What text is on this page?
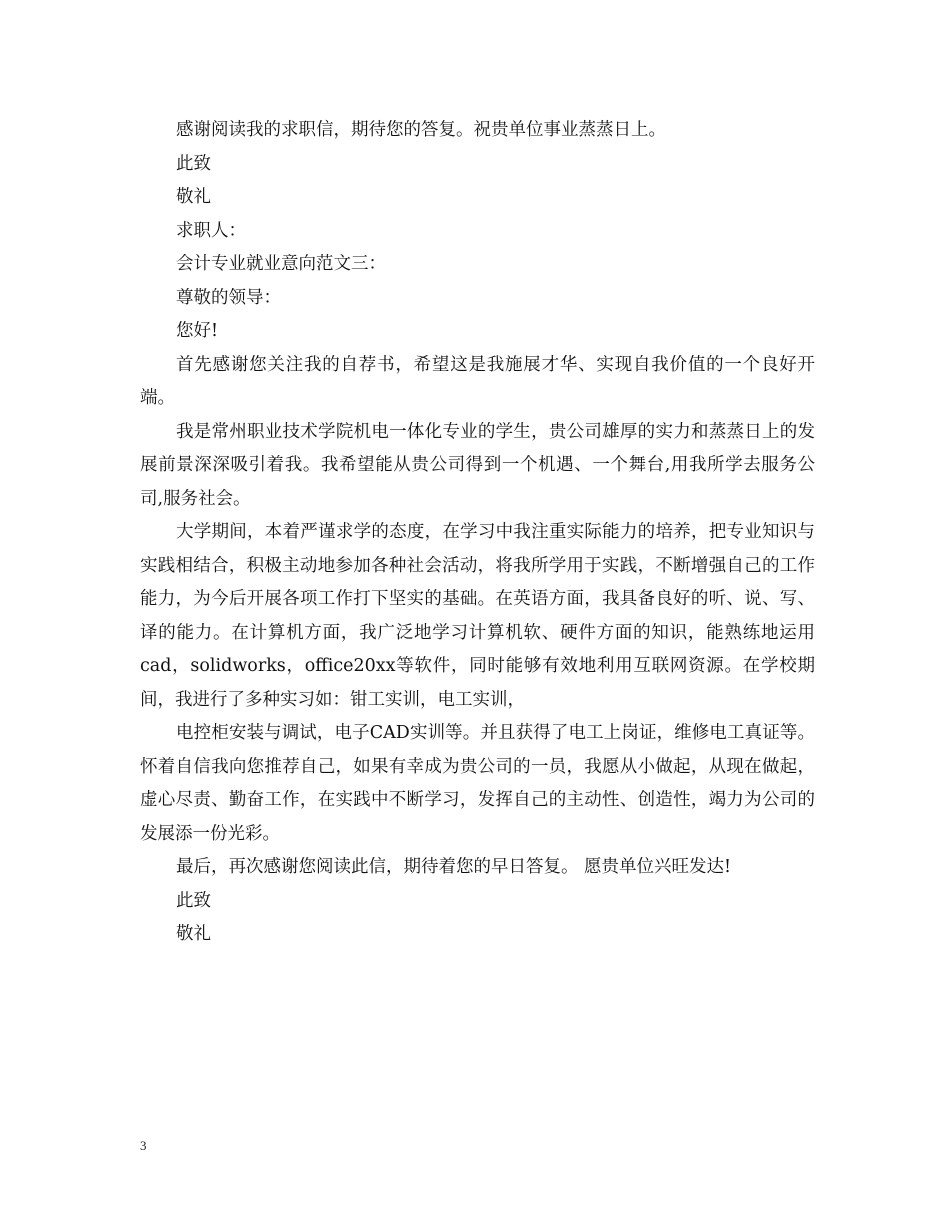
感谢阅读我的求职信，期待您的答复。祝贵单位事业蒸蒸日上。
此致
敬礼
求职人：
会计专业就业意向范文三：
尊敬的领导：
您好!
首先感谢您关注我的自荐书，希望这是我施展才华、实现自我价值的一个良好开端。
我是常州职业技术学院机电一体化专业的学生，贵公司雄厚的实力和蒸蒸日上的发展前景深深吸引着我。我希望能从贵公司得到一个机遇、一个舞台,用我所学去服务公司,服务社会。
大学期间，本着严谨求学的态度，在学习中我注重实际能力的培养，把专业知识与实践相结合，积极主动地参加各种社会活动，将我所学用于实践，不断增强自己的工作能力，为今后开展各项工作打下坚实的基础。在英语方面，我具备良好的听、说、写、译的能力。在计算机方面，我广泛地学习计算机软、硬件方面的知识，能熟练地运用cad，solidworks，office20xx等软件，同时能够有效地利用互联网资源。在学校期间，我进行了多种实习如：钳工实训，电工实训，
电控柜安装与调试，电子CAD实训等。并且获得了电工上岗证，维修电工真证等。 怀着自信我向您推荐自己，如果有幸成为贵公司的一员，我愿从小做起，从现在做起，虚心尽责、勤奋工作，在实践中不断学习，发挥自己的主动性、创造性，竭力为公司的发展添一份光彩。
最后，再次感谢您阅读此信，期待着您的早日答复。 愿贵单位兴旺发达!
此致
敬礼
3
